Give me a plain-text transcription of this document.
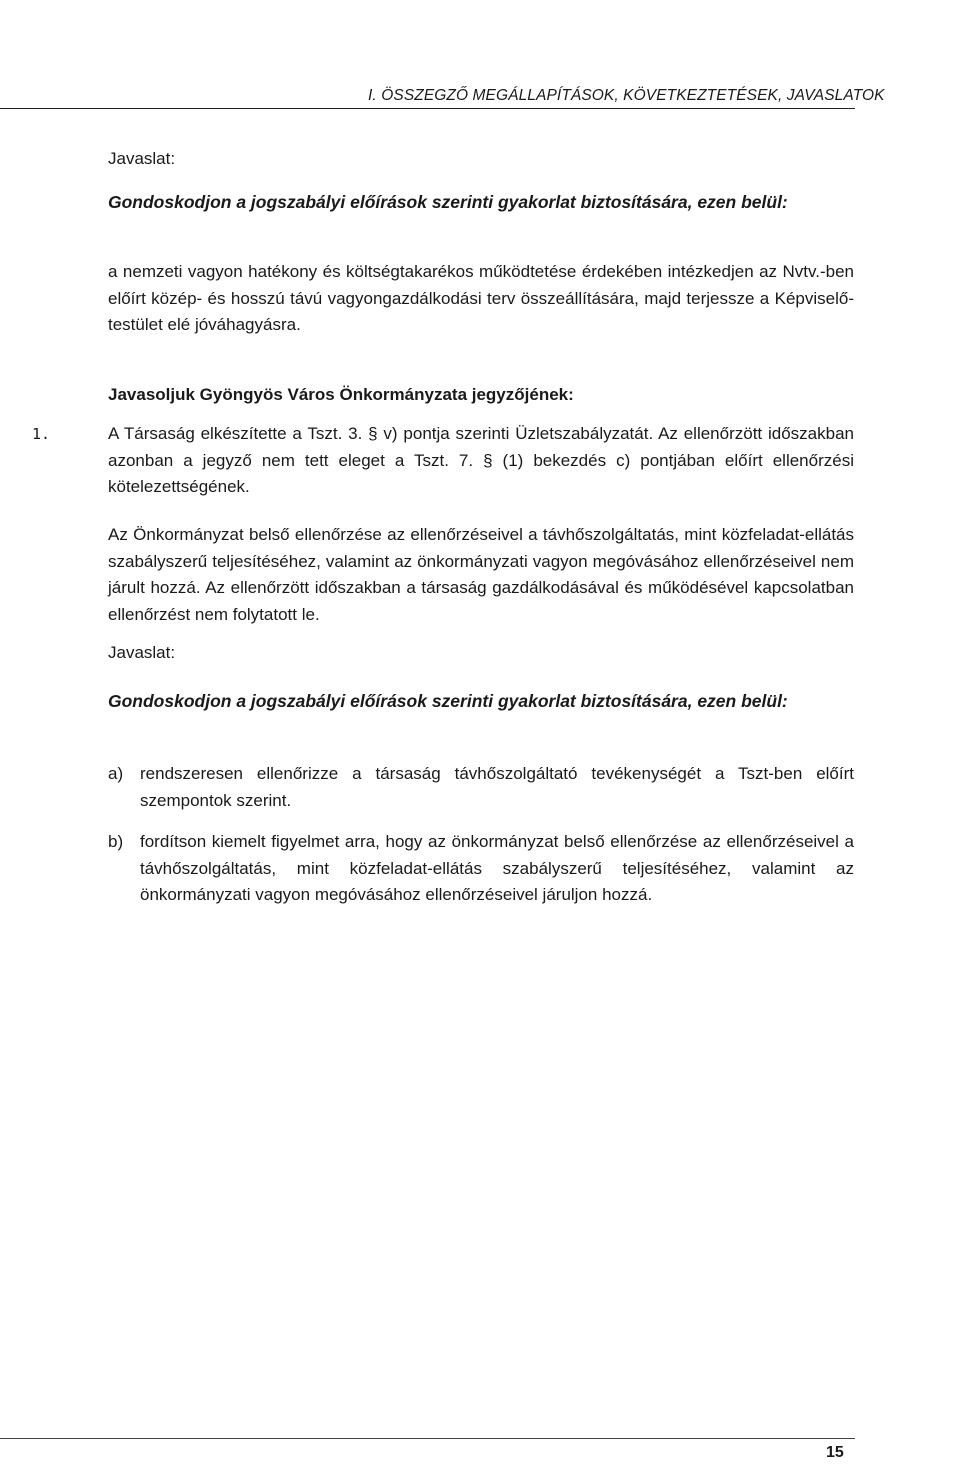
I. ÖSSZEGZŐ MEGÁLLAPÍTÁSOK, KÖVETKEZTETÉSEK, JAVASLATOK

Javaslat:

Gondoskodjon a jogszabályi előírások szerinti gyakorlat biztosítására, ezen belül:

a nemzeti vagyon hatékony és költségtakarékos működtetése érdekében intézkedjen az Nvtv.-ben előírt közép- és hosszú távú vagyongazdálkodási terv összeállítására, majd terjessze a Képviselő-testület elé jóváhagyásra.

Javasoljuk Gyöngyös Város Önkormányzata jegyzőjének:

1.	A Társaság elkészítette a Tszt. 3. § v) pontja szerinti Üzletszabályzatát. Az ellenőrzött időszakban azonban a jegyző nem tett eleget a Tszt. 7. § (1) bekezdés c) pontjában előírt ellenőrzési kötelezettségének.

Az Önkormányzat belső ellenőrzése az ellenőrzéseivel a távhőszolgáltatás, mint közfeladat-ellátás szabályszerű teljesítéséhez, valamint az önkormányzati vagyon megóvásához ellenőrzéseivel nem járult hozzá. Az ellenőrzött időszakban a társaság gazdálkodásával és működésével kapcsolatban ellenőrzést nem folytatott le.

Javaslat:

Gondoskodjon a jogszabályi előírások szerinti gyakorlat biztosítására, ezen belül:

a) rendszeresen ellenőrizze a társaság távhőszolgáltató tevékenységét a Tszt-ben előírt szempontok szerint.

b) fordítson kiemelt figyelmet arra, hogy az önkormányzat belső ellenőrzése az ellenőrzéseivel a távhőszolgáltatás, mint közfeladat-ellátás szabályszerű teljesítéséhez, valamint az önkormányzati vagyon megóvásához ellenőrzéseivel járuljon hozzá.

15
